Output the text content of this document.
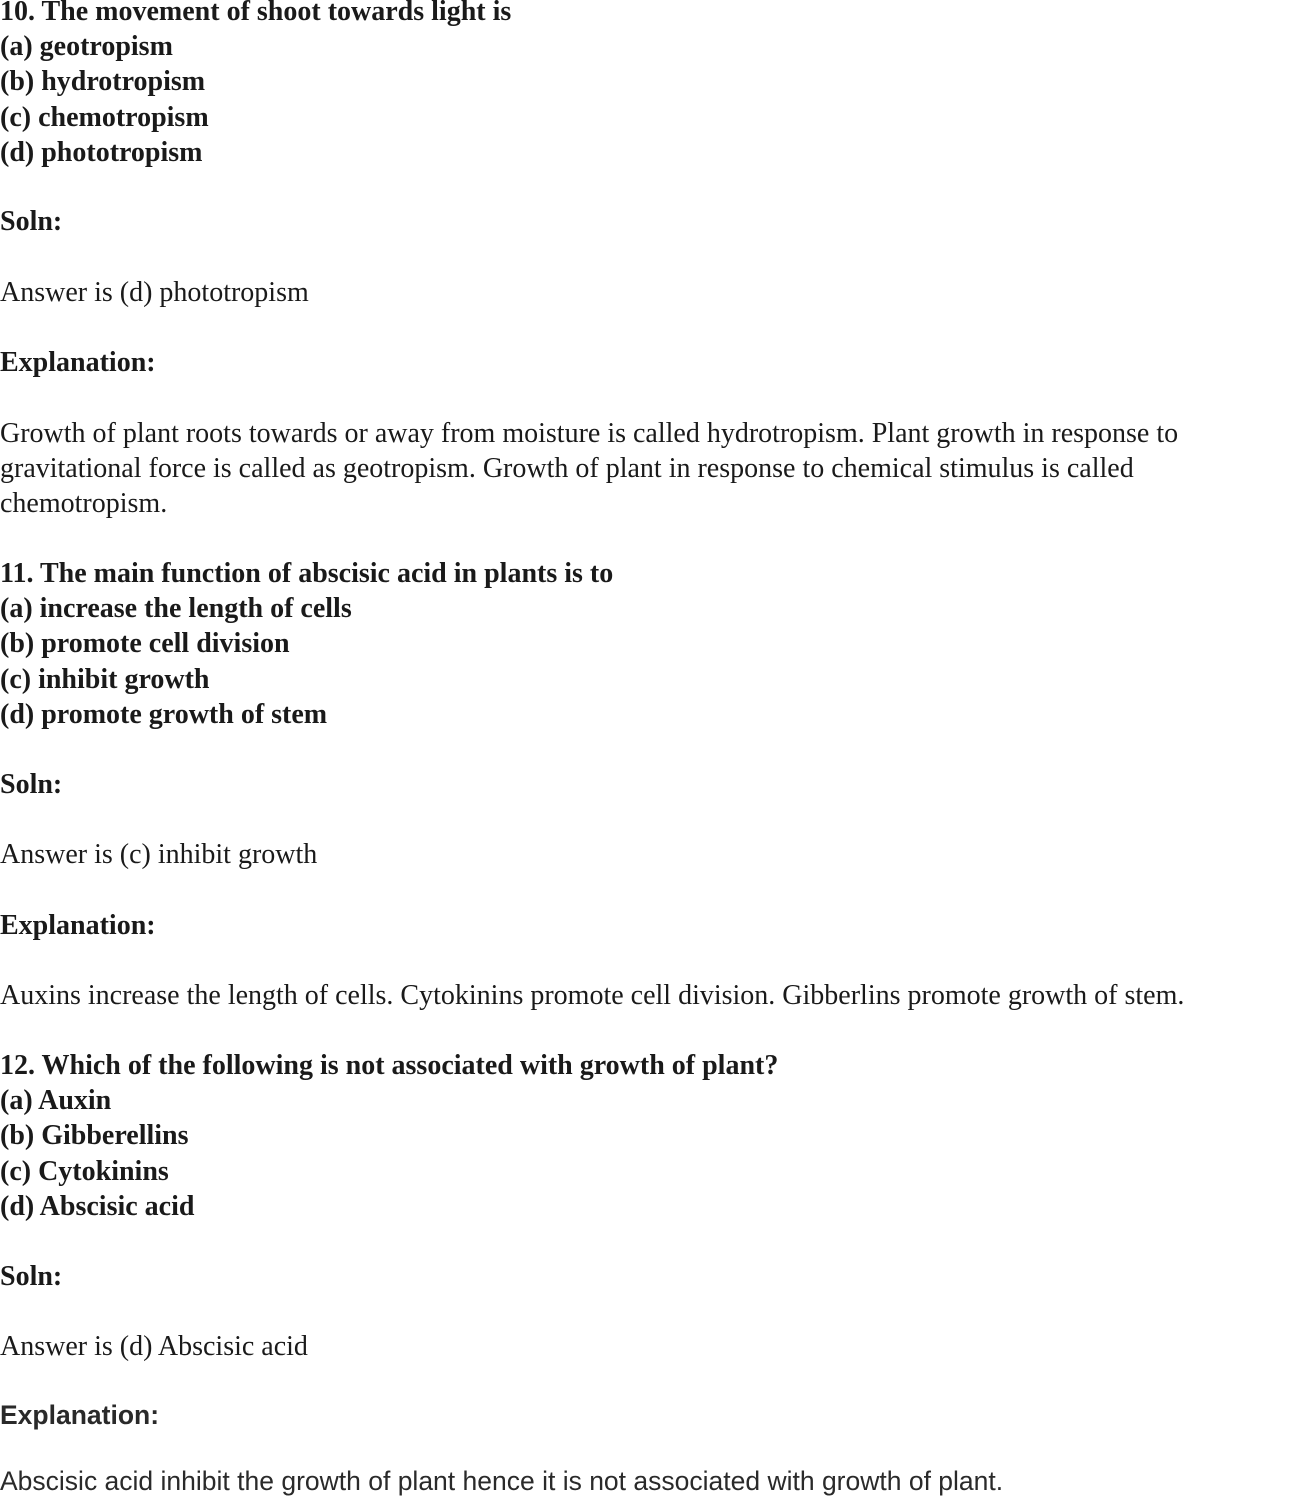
10. The movement of shoot towards light is
(a) geotropism
(b) hydrotropism
(c) chemotropism
(d) phototropism
Soln:
Answer is (d) phototropism
Explanation:
Growth of plant roots towards or away from moisture is called hydrotropism. Plant growth in response to
gravitational force is called as geotropism. Growth of plant in response to chemical stimulus is called
chemotropism.
11. The main function of abscisic acid in plants is to
(a) increase the length of cells
(b) promote cell division
(c) inhibit growth
(d) promote growth of stem
Soln:
Answer is (c) inhibit growth
Explanation:
Auxins increase the length of cells. Cytokinins promote cell division. Gibberlins promote growth of stem.
12. Which of the following is not associated with growth of plant?
(a) Auxin
(b) Gibberellins
(c) Cytokinins
(d) Abscisic acid
Soln:
Answer is (d) Abscisic acid
Explanation:
Abscisic acid inhibit the growth of plant hence it is not associated with growth of plant.
